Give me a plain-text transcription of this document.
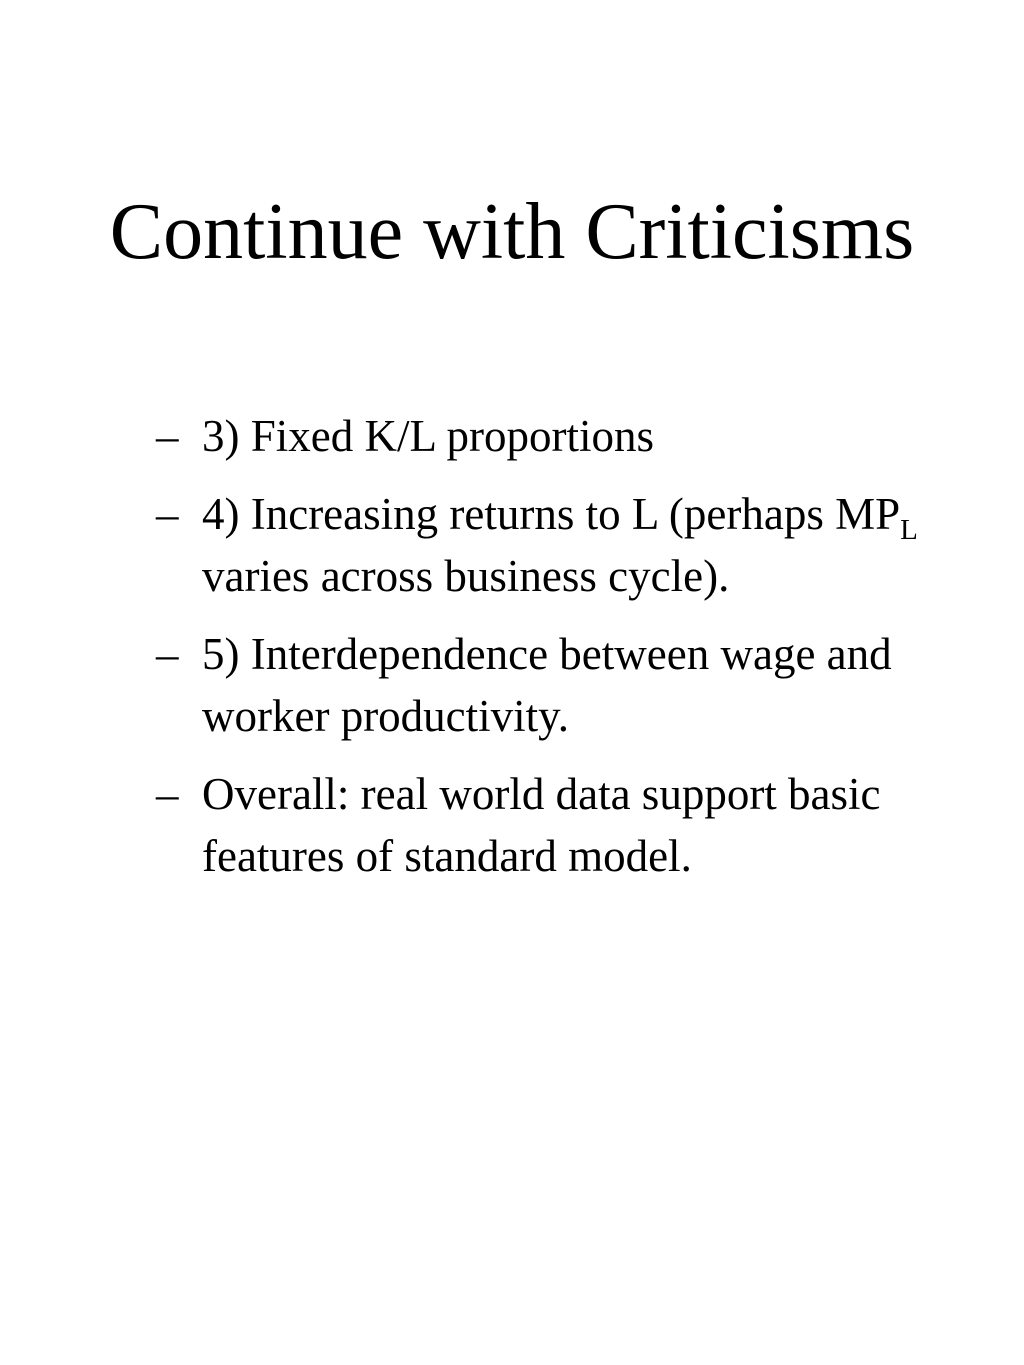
Continue with Criticisms
– 3) Fixed K/L proportions
– 4) Increasing returns to L (perhaps $MP_L$ varies across business cycle).
– 5) Interdependence between wage and worker productivity.
– Overall: real world data support basic features of standard model.
